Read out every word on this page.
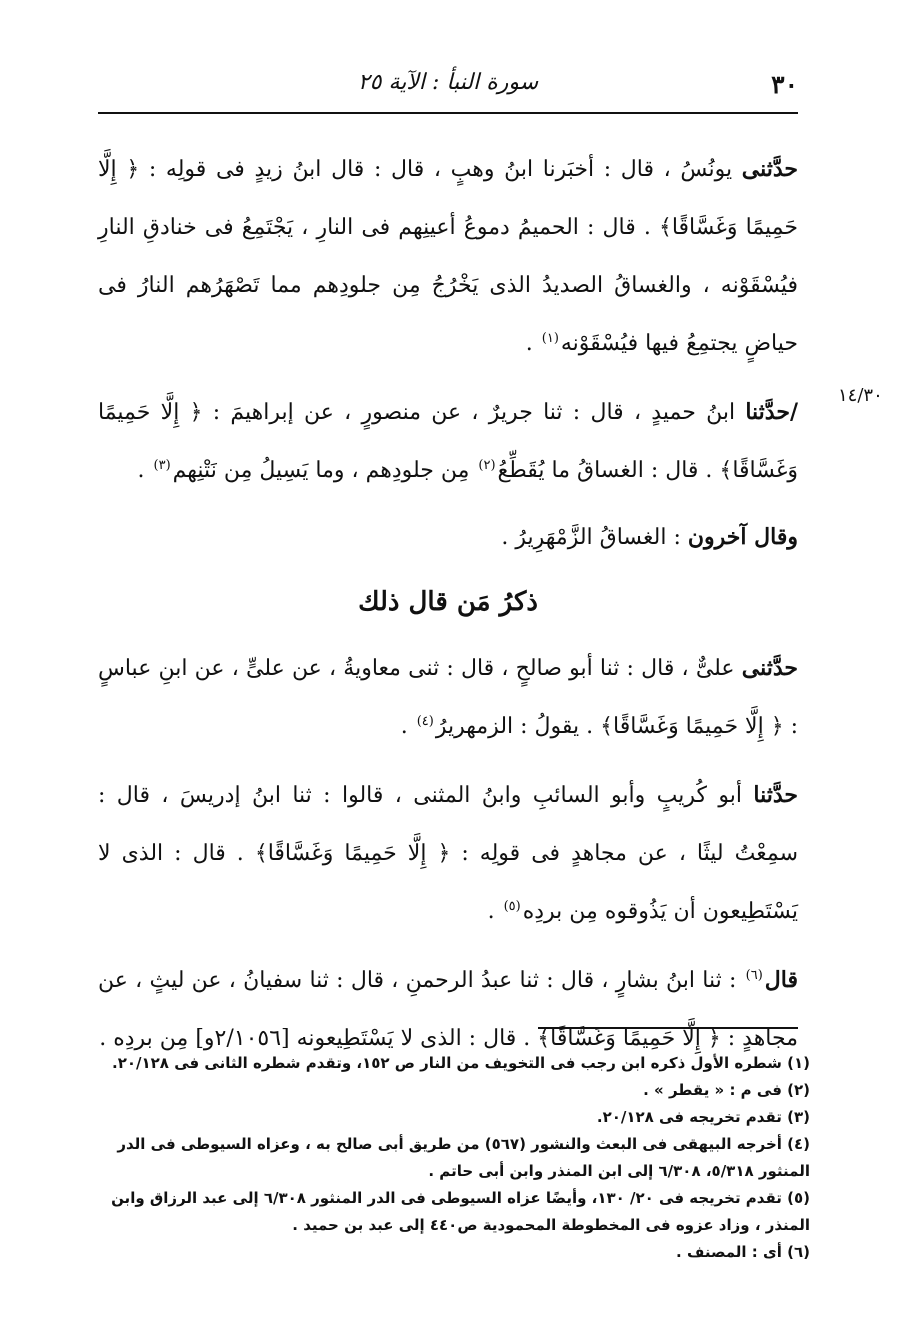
٣٠
سورة النبأ : الآية ٢٥
١٤/٣٠

حدَّثنى يونُسُ ، قال : أخبَرنا ابنُ وهبٍ ، قال : قال ابنُ زيدٍ فى قولِه : ﴿ إِلَّا حَمِيمًا وَغَسَّاقًا﴾ . قال : الحميمُ دموعُ أعينِهم فى النارِ ، يَجْتَمِعُ فى خنادقِ النارِ فيُسْقَوْنه ، والغساقُ الصديدُ الذى يَخْرُجُ مِن جلودِهم مما تَصْهَرُهم النارُ فى حياضٍ يجتمِعُ فيها فيُسْقَوْنه$^{(١)}$ .

/حدَّثنا ابنُ حميدٍ ، قال : ثنا جريرٌ ، عن منصورٍ ، عن إبراهيمَ : ﴿ إِلَّا حَمِيمًا وَغَسَّاقًا﴾ . قال : الغساقُ ما يُقَطِّعُ$^{(٢)}$ مِن جلودِهم ، وما يَسِيلُ مِن نَتْنِهم$^{(٣)}$ .

وقال آخرون : الغساقُ الزَّمْهَرِيرُ .

ذكرُ مَن قال ذلك

حدَّثنى علىٌّ ، قال : ثنا أبو صالحٍ ، قال : ثنى معاويةُ ، عن علىٍّ ، عن ابنِ عباسٍ : ﴿ إِلَّا حَمِيمًا وَغَسَّاقًا﴾ . يقولُ : الزمهريرُ$^{(٤)}$ .

حدَّثنا أبو كُريبٍ وأبو السائبِ وابنُ المثنى ، قالوا : ثنا ابنُ إدريسَ ، قال : سمِعْتُ ليثًا ، عن مجاهدٍ فى قولِه : ﴿ إِلَّا حَمِيمًا وَغَسَّاقًا﴾ . قال : الذى لا يَسْتَطِيعون أن يَذُوقوه مِن بردِه$^{(٥)}$ .

قال$^{(٦)}$ : ثنا ابنُ بشارٍ ، قال : ثنا عبدُ الرحمنِ ، قال : ثنا سفيانُ ، عن ليثٍ ، عن مجاهدٍ : ﴿ إِلَّا حَمِيمًا وَغَسَّاقًا﴾ . قال : الذى لا يَسْتَطِيعونه [٢/١٠٥٦و] مِن بردِه .

(١) شطره الأول ذكره ابن رجب فى التخويف من النار ص ١٥٢، وتقدم شطره الثانى فى ٢٠/١٢٨.

(٢) فى م : « يقطر » .

(٣) تقدم تخريجه فى ٢٠/١٢٨.

(٤) أخرجه البيهقى فى البعث والنشور (٥٦٧) من طريق أبى صالح به ، وعزاه السيوطى فى الدر المنثور ٥/٣١٨، ٦/٣٠٨ إلى ابن المنذر وابن أبى حاتم .

(٥) تقدم تخريجه فى ٢٠/ ١٣٠، وأيضًا عزاه السيوطى فى الدر المنثور ٦/٣٠٨ إلى عبد الرزاق وابن المنذر ، وزاد عزوه فى المخطوطة المحمودية ص٤٤٠ إلى عبد بن حميد .

(٦) أى : المصنف .
